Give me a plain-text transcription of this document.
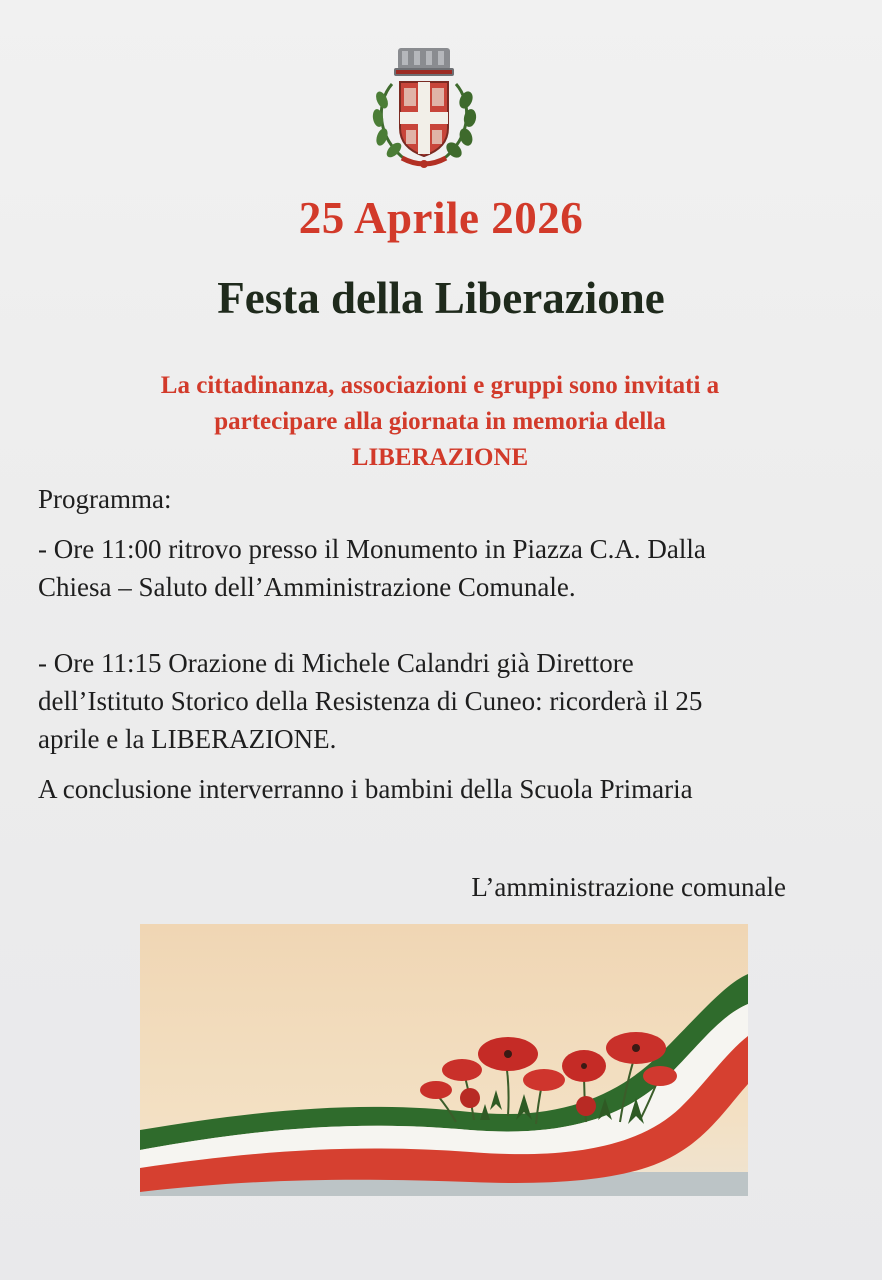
25 Aprile 2026
Festa della Liberazione
La cittadinanza, associazioni e gruppi sono invitati a
partecipare alla giornata in memoria della
LIBERAZIONE
Programma:
- Ore 11:00 ritrovo presso il Monumento in Piazza C.A. Dalla
Chiesa – Saluto dell’Amministrazione Comunale.
- Ore 11:15 Orazione di Michele Calandri già Direttore
dell’Istituto Storico della Resistenza di Cuneo: ricorderà il 25
aprile e la LIBERAZIONE.
A conclusione interverranno i bambini della Scuola Primaria
L’amministrazione comunale
